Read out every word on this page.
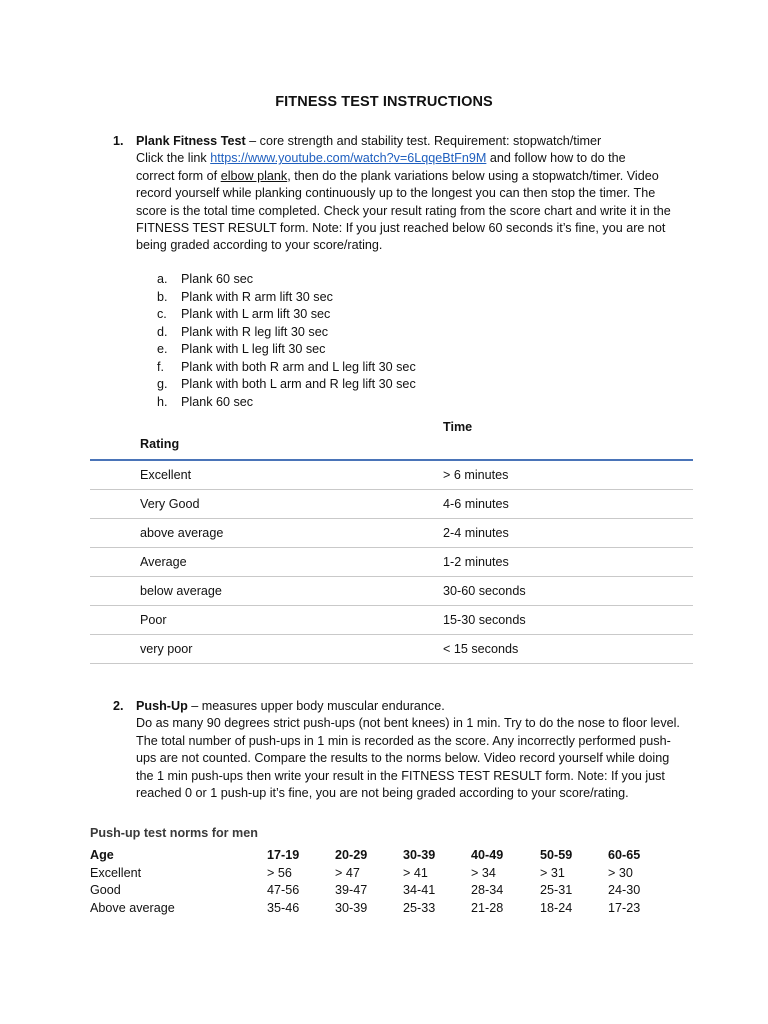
FITNESS TEST INSTRUCTIONS
1. Plank Fitness Test – core strength and stability test. Requirement: stopwatch/timer
Click the link https://www.youtube.com/watch?v=6LqqeBtFn9M and follow how to do the
correct form of elbow plank, then do the plank variations below using a stopwatch/timer. Video record yourself while planking continuously up to the longest you can then stop the timer. The score is the total time completed. Check your result rating from the score chart and write it in the FITNESS TEST RESULT form. Note: If you just reached below 60 seconds it’s fine, you are not being graded according to your score/rating.
a.	Plank 60 sec
b.	Plank with R arm lift 30 sec
c.	Plank with L arm lift 30 sec
d.	Plank with R leg lift 30 sec
e.	Plank with L leg lift 30 sec
f.	Plank with both R arm and L leg lift 30 sec
g.	Plank with both L arm and R leg lift 30 sec
h.	Plank 60 sec
Time
Rating
Excellent	> 6 minutes
Very Good	4-6 minutes
above average	2-4 minutes
Average	1-2 minutes
below average	30-60 seconds
Poor	15-30 seconds
very poor	< 15 seconds
2. Push-Up – measures upper body muscular endurance.
Do as many 90 degrees strict push-ups (not bent knees) in 1 min. Try to do the nose to floor level. The total number of push-ups in 1 min is recorded as the score. Any incorrectly performed push-ups are not counted. Compare the results to the norms below. Video record yourself while doing the 1 min push-ups then write your result in the FITNESS TEST RESULT form. Note: If you just reached 0 or 1 push-up it’s fine, you are not being graded according to your score/rating.
Push-up test norms for men
Age	17-19	20-29	30-39	40-49	50-59	60-65
Excellent	> 56	> 47	> 41	> 34	> 31	> 30
Good	47-56	39-47	34-41	28-34	25-31	24-30
Above average	35-46	30-39	25-33	21-28	18-24	17-23
